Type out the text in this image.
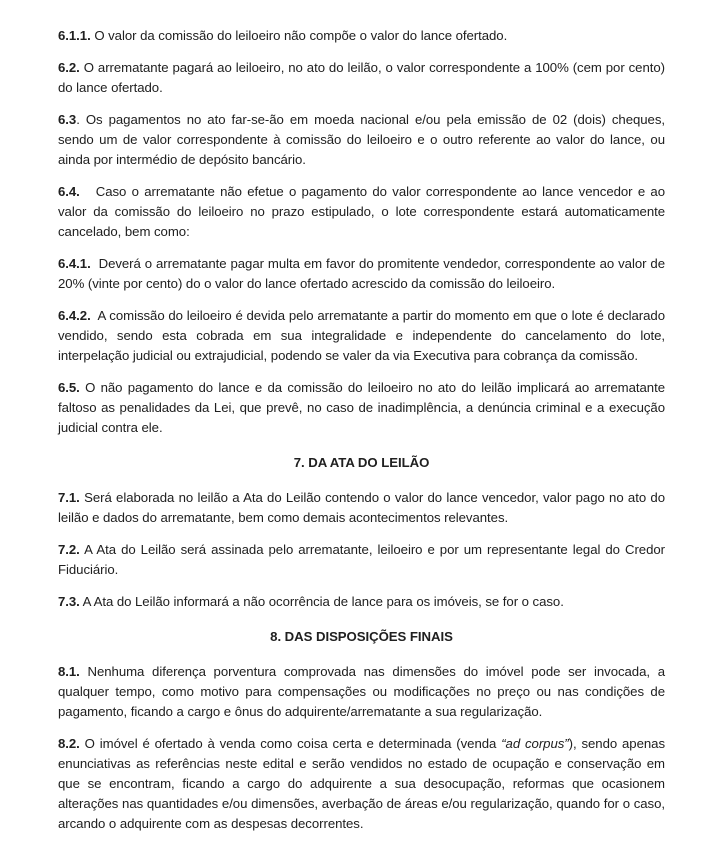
6.1.1. O valor da comissão do leiloeiro não compõe o valor do lance ofertado.

6.2. O arrematante pagará ao leiloeiro, no ato do leilão, o valor correspondente a 100% (cem por cento) do lance ofertado.

6.3. Os pagamentos no ato far-se-ão em moeda nacional e/ou pela emissão de 02 (dois) cheques, sendo um de valor correspondente à comissão do leiloeiro e o outro referente ao valor do lance, ou ainda por intermédio de depósito bancário.

6.4.   Caso o arrematante não efetue o pagamento do valor correspondente ao lance vencedor e ao valor da comissão do leiloeiro no prazo estipulado, o lote correspondente estará automaticamente cancelado, bem como:

6.4.1.  Deverá o arrematante pagar multa em favor do promitente vendedor, correspondente ao valor de 20% (vinte por cento) do o valor do lance ofertado acrescido da comissão do leiloeiro.

6.4.2.  A comissão do leiloeiro é devida pelo arrematante a partir do momento em que o lote é declarado vendido, sendo esta cobrada em sua integralidade e independente do cancelamento do lote, interpelação judicial ou extrajudicial, podendo se valer da via Executiva para cobrança da comissão.

6.5. O não pagamento do lance e da comissão do leiloeiro no ato do leilão implicará ao arrematante faltoso as penalidades da Lei, que prevê, no caso de inadimplência, a denúncia criminal e a execução judicial contra ele.

7. DA ATA DO LEILÃO

7.1. Será elaborada no leilão a Ata do Leilão contendo o valor do lance vencedor, valor pago no ato do leilão e dados do arrematante, bem como demais acontecimentos relevantes.

7.2. A Ata do Leilão será assinada pelo arrematante, leiloeiro e por um representante legal do Credor Fiduciário.

7.3. A Ata do Leilão informará a não ocorrência de lance para os imóveis, se for o caso.

8. DAS DISPOSIÇÕES FINAIS

8.1. Nenhuma diferença porventura comprovada nas dimensões do imóvel pode ser invocada, a qualquer tempo, como motivo para compensações ou modificações no preço ou nas condições de pagamento, ficando a cargo e ônus do adquirente/arrematante a sua regularização.

8.2. O imóvel é ofertado à venda como coisa certa e determinada (venda “ad corpus”), sendo apenas enunciativas as referências neste edital e serão vendidos no estado de ocupação e conservação em que se encontram, ficando a cargo do adquirente a sua desocupação, reformas que ocasionem alterações nas quantidades e/ou dimensões, averbação de áreas e/ou regularização, quando for o caso, arcando o adquirente com as despesas decorrentes.
